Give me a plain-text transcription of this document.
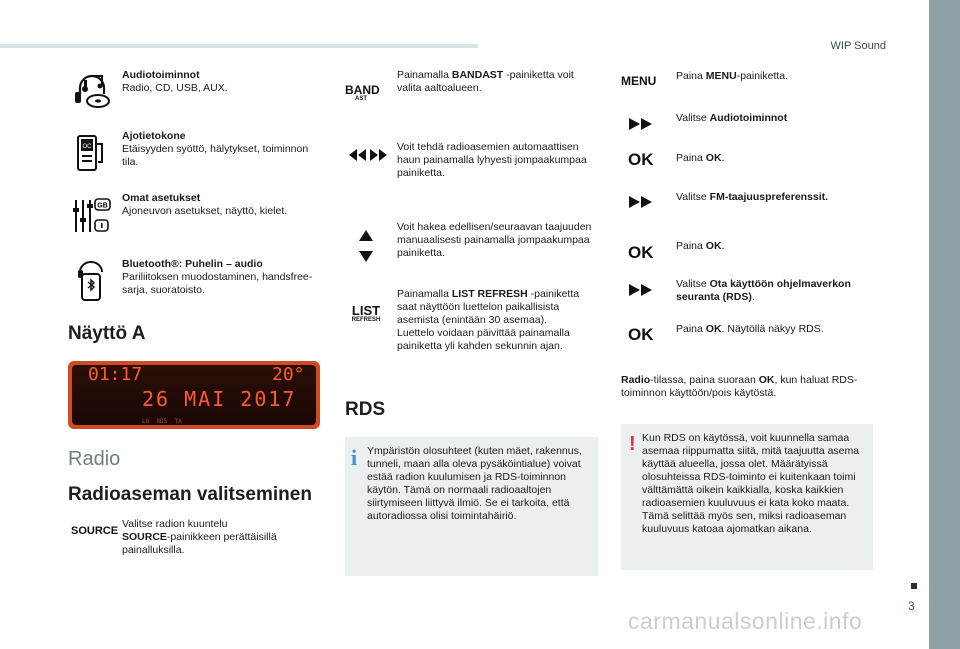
WIP Sound
3
carmanualsonline.info
Audiotoiminnot
Radio, CD, USB, AUX.
OC
Ajotietokone
Etäisyyden syöttö, hälytykset, toiminnon tila.
GB
Omat asetukset
Ajoneuvon asetukset, näyttö, kielet.
Bluetooth®: Puhelin – audio
Pariliitoksen muodostaminen, handsfree-sarja, suoratoisto.
Näyttö A
01:17	20°
26 MAI 2017
LO  RDS  TA
Radio
Radioaseman valitseminen
SOURCE
Valitse radion kuuntelu
SOURCE-painikkeen perättäisillä painalluksilla.
BAND
AST
Painamalla BANDAST -painiketta voit valita aaltoalueen.
Voit tehdä radioasemien automaattisen haun painamalla lyhyesti jompaakumpaa painiketta.
Voit hakea edellisen/seuraavan taajuuden manuaalisesti painamalla jompaakumpaa painiketta.
LIST
REFRESH
Painamalla LIST REFRESH -painiketta saat näyttöön luettelon paikallisista asemista (enintään 30 asemaa). Luettelo voidaan päivittää painamalla painiketta yli kahden sekunnin ajan.
RDS
i Ympäristön olosuhteet (kuten mäet, rakennus, tunneli, maan alla oleva pysäköintialue) voivat estää radion kuulumisen ja RDS-toiminnon käytön. Tämä on normaali radioaaltojen siirtymiseen liittyvä ilmiö. Se ei tarkoita, että autoradiossa olisi toimintahäiriö.
MENU Paina MENU-painiketta.
Valitse Audiotoiminnot
OK Paina OK.
Valitse FM-taajuuspreferenssit.
OK Paina OK.
Valitse Ota käyttöön ohjelmaverkon seuranta (RDS).
OK Paina OK. Näytöllä näkyy RDS.
Radio-tilassa, paina suoraan OK, kun haluat RDS-toiminnon käyttöön/pois käytöstä.
! Kun RDS on käytössä, voit kuunnella samaa asemaa riippumatta siitä, mitä taajuutta asema käyttää alueella, jossa olet. Määrätyissä olosuhteissa RDS-toiminto ei kuitenkaan toimi välttämättä oikein kaikkialla, koska kaikkien radioasemien kuuluvuus ei kata koko maata. Tämä selittää myös sen, miksi radioaseman kuuluvuus katoaa ajomatkan aikana.
